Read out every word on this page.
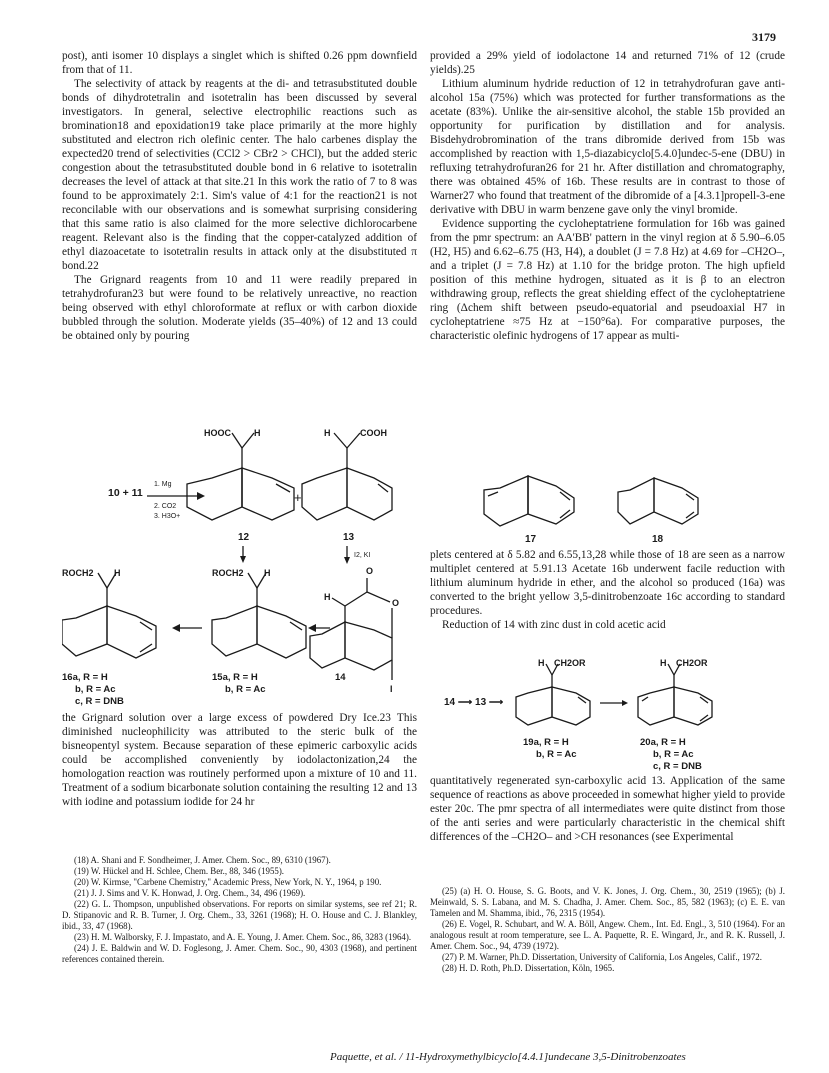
3179

post), anti isomer 10 displays a singlet which is shifted 0.26 ppm downfield from that of 11.

The selectivity of attack by reagents at the di- and tetrasubstituted double bonds of dihydrotetralin and isotetralin has been discussed by several investigators. In general, selective electrophilic reactions such as bromination18 and epoxidation19 take place primarily at the more highly substituted and electron rich olefinic center. The halo carbenes display the expected20 trend of selectivities (CCl2 > CBr2 > CHCl), but the added steric congestion about the tetrasubstituted double bond in 6 relative to isotetralin decreases the level of attack at that site.21 In this work the ratio of 7 to 8 was found to be approximately 2:1. Sim's value of 4:1 for the reaction21 is not reconcilable with our observations and is somewhat surprising considering that this same ratio is also claimed for the more selective dichlorocarbene reagent. Relevant also is the finding that the copper-catalyzed addition of ethyl diazoacetate to isotetralin results in attack only at the disubstituted π bond.22

The Grignard reagents from 10 and 11 were readily prepared in tetrahydrofuran23 but were found to be relatively unreactive, no reaction being observed with ethyl chloroformate at reflux or with carbon dioxide bubbled through the solution. Moderate yields (35–40%) of 12 and 13 could be obtained only by pouring

10 + 11
1. Mg
2. CO2
3. H3O+
HOOC	H
+
H	COOH
12	13
I2, KI
ROCH2 H	ROCH2 H	O
H
O
I
16a, R = H
b, R = Ac
c, R = DNB
15a, R = H
b, R = Ac
14

the Grignard solution over a large excess of powdered Dry Ice.23 This diminished nucleophilicity was attributed to the steric bulk of the bisneopentyl system. Because separation of these epimeric carboxylic acids could be accomplished conveniently by iodolactonization,24 the homologation reaction was routinely performed upon a mixture of 10 and 11. Treatment of a sodium bicarbonate solution containing the resulting 12 and 13 with iodine and potassium iodide for 24 hr

(18) A. Shani and F. Sondheimer, J. Amer. Chem. Soc., 89, 6310 (1967).
(19) W. Hückel and H. Schlee, Chem. Ber., 88, 346 (1955).
(20) W. Kirmse, "Carbene Chemistry," Academic Press, New York, N. Y., 1964, p 190.
(21) J. J. Sims and V. K. Honwad, J. Org. Chem., 34, 496 (1969).
(22) G. L. Thompson, unpublished observations. For reports on similar systems, see ref 21; R. D. Stipanovic and R. B. Turner, J. Org. Chem., 33, 3261 (1968); H. O. House and C. J. Blankley, ibid., 33, 47 (1968).
(23) H. M. Walborsky, F. J. Impastato, and A. E. Young, J. Amer. Chem. Soc., 86, 3283 (1964).
(24) J. E. Baldwin and W. D. Foglesong, J. Amer. Chem. Soc., 90, 4303 (1968), and pertinent references contained therein.

provided a 29% yield of iodolactone 14 and returned 71% of 12 (crude yields).25

Lithium aluminum hydride reduction of 12 in tetrahydrofuran gave anti-alcohol 15a (75%) which was protected for further transformations as the acetate (83%). Unlike the air-sensitive alcohol, the stable 15b provided an opportunity for purification by distillation and for analysis. Bisdehydrobromination of the trans dibromide derived from 15b was accomplished by reaction with 1,5-diazabicyclo[5.4.0]undec-5-ene (DBU) in refluxing tetrahydrofuran26 for 21 hr. After distillation and chromatography, there was obtained 45% of 16b. These results are in contrast to those of Warner27 who found that treatment of the dibromide of a [4.3.1]propell-3-ene derivative with DBU in warm benzene gave only the vinyl bromide.

Evidence supporting the cycloheptatriene formulation for 16b was gained from the pmr spectrum: an AA'BB' pattern in the vinyl region at δ 5.90–6.05 (H2, H5) and 6.62–6.75 (H3, H4), a doublet (J = 7.8 Hz) at 4.69 for –CH2O–, and a triplet (J = 7.8 Hz) at 1.10 for the bridge proton. The high upfield position of this methine hydrogen, situated as it is β to an electron withdrawing group, reflects the great shielding effect of the cycloheptatriene ring (Δchem shift between pseudo-equatorial and pseudoaxial H7 in cycloheptatriene ≈75 Hz at −150°6a). For comparative purposes, the characteristic olefinic hydrogens of 17 appear as multi-

17	18

plets centered at δ 5.82 and 6.55,13,28 while those of 18 are seen as a narrow multiplet centered at 5.91.13 Acetate 16b underwent facile reduction with lithium aluminum hydride in ether, and the alcohol so produced (16a) was converted to the bright yellow 3,5-dinitrobenzoate 16c according to standard procedures.

Reduction of 14 with zinc dust in cold acetic acid

14 ⟶ 13 ⟶
H CH2OR	H CH2OR
19a, R = H
b, R = Ac
20a, R = H
b, R = Ac
c, R = DNB

quantitatively regenerated syn-carboxylic acid 13. Application of the same sequence of reactions as above proceeded in somewhat higher yield to provide ester 20c. The pmr spectra of all intermediates were quite distinct from those of the anti series and were particularly characteristic in the chemical shift differences of the –CH2O– and >CH resonances (see Experimental

(25) (a) H. O. House, S. G. Boots, and V. K. Jones, J. Org. Chem., 30, 2519 (1965); (b) J. Meinwald, S. S. Labana, and M. S. Chadha, J. Amer. Chem. Soc., 85, 582 (1963); (c) E. E. van Tamelen and M. Shamma, ibid., 76, 2315 (1954).
(26) E. Vogel, R. Schubart, and W. A. Böll, Angew. Chem., Int. Ed. Engl., 3, 510 (1964). For an analogous result at room temperature, see L. A. Paquette, R. E. Wingard, Jr., and R. K. Russell, J. Amer. Chem. Soc., 94, 4739 (1972).
(27) P. M. Warner, Ph.D. Dissertation, University of California, Los Angeles, Calif., 1972.
(28) H. D. Roth, Ph.D. Dissertation, Köln, 1965.
Paquette, et al. / 11-Hydroxymethylbicyclo[4.4.1]undecane 3,5-Dinitrobenzoates
